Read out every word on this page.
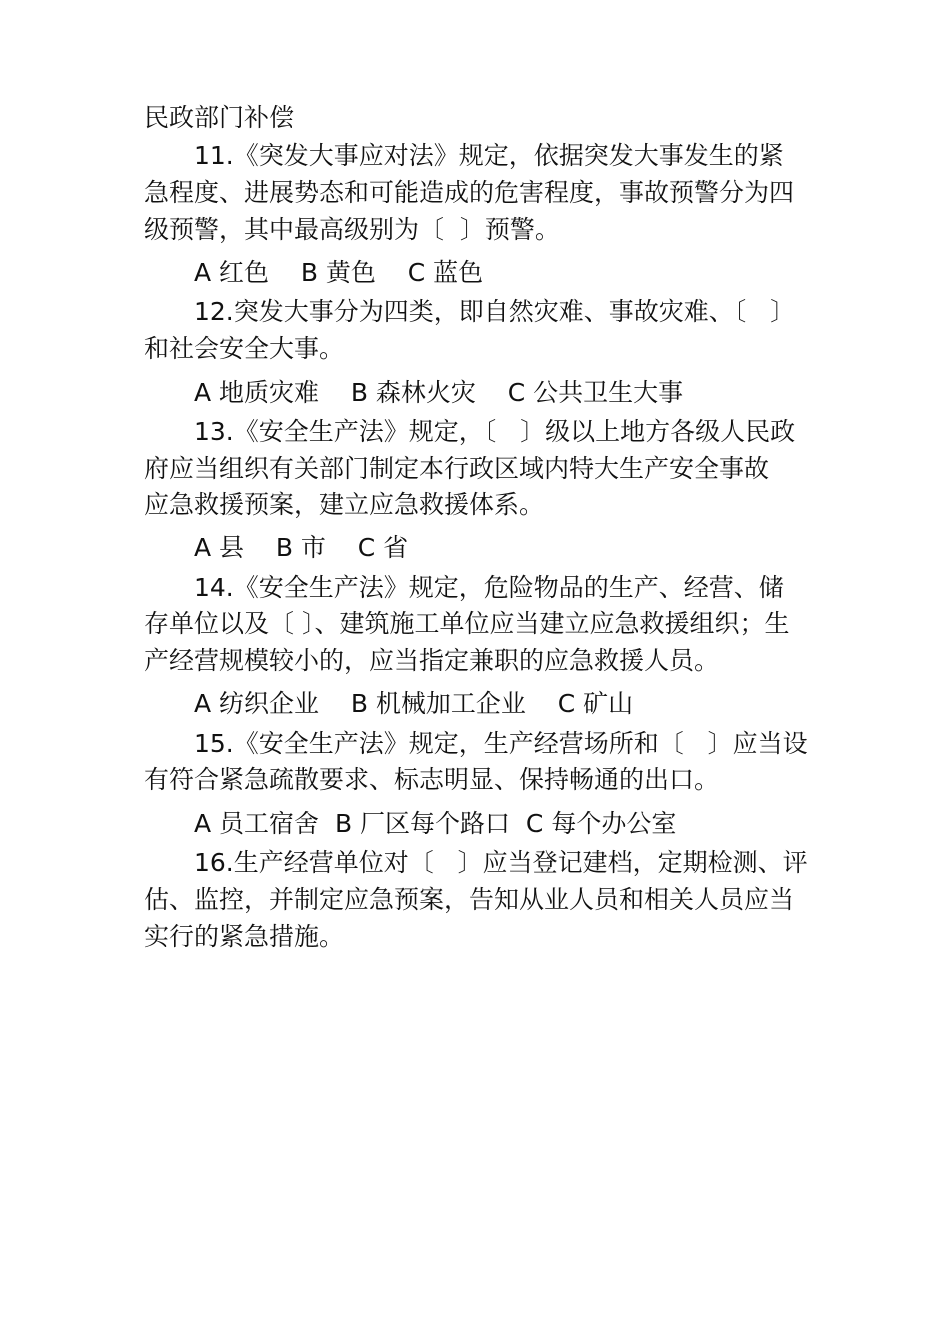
民政部门补偿
11.《突发大事应对法》规定，依据突发大事发生的紧
急程度、进展势态和可能造成的危害程度，事故预警分为四
级预警，其中最高级别为〔  〕预警。
A 红色    B 黄色    C 蓝色
12.突发大事分为四类，即自然灾难、事故灾难、〔   〕
和社会安全大事。
A 地质灾难    B 森林火灾    C 公共卫生大事
13.《安全生产法》规定，〔   〕级以上地方各级人民政
府应当组织有关部门制定本行政区域内特大生产安全事故
应急救援预案，建立应急救援体系。
A 县    B 市    C 省
14.《安全生产法》规定，危险物品的生产、经营、储
存单位以及〔 〕、建筑施工单位应当建立应急救援组织；生
产经营规模较小的，应当指定兼职的应急救援人员。
A 纺织企业    B 机械加工企业    C 矿山
15.《安全生产法》规定，生产经营场所和〔   〕应当设
有符合紧急疏散要求、标志明显、保持畅通的出口。
A 员工宿舍  B 厂区每个路口  C 每个办公室
16.生产经营单位对〔   〕应当登记建档，定期检测、评
估、监控，并制定应急预案，告知从业人员和相关人员应当
实行的紧急措施。
